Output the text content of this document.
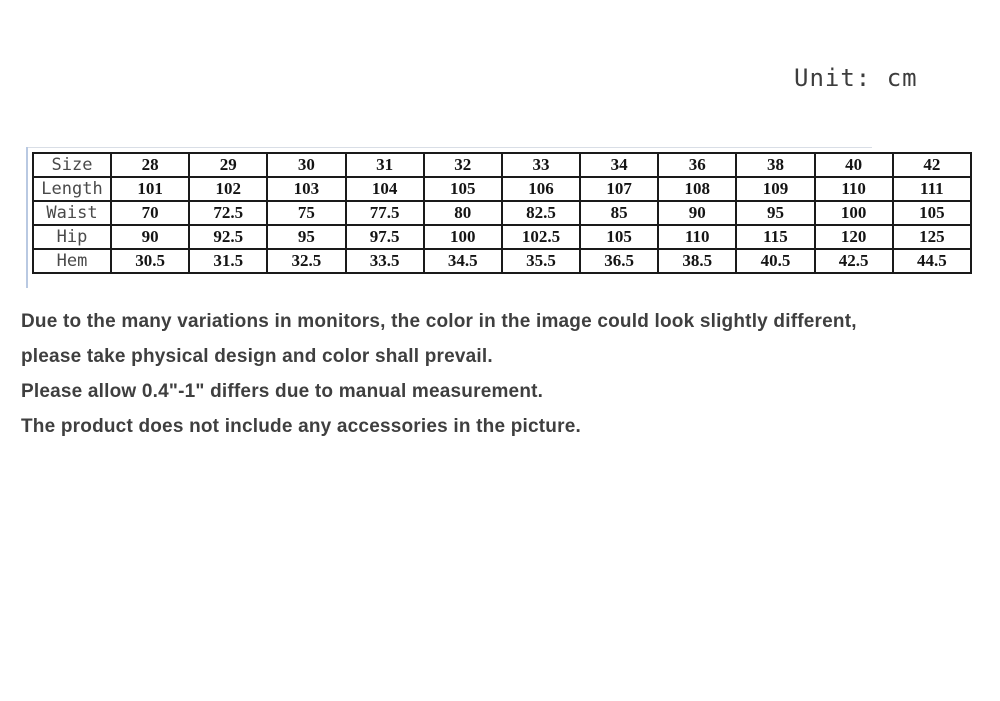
Unit: cm
Size	28	29	30	31	32	33	34	36	38	40	42
Length	101	102	103	104	105	106	107	108	109	110	111
Waist	70	72.5	75	77.5	80	82.5	85	90	95	100	105
Hip	90	92.5	95	97.5	100	102.5	105	110	115	120	125
Hem	30.5	31.5	32.5	33.5	34.5	35.5	36.5	38.5	40.5	42.5	44.5

Due to the many variations in monitors, the color in the image could look slightly different,

please take physical design and color shall prevail.

Please allow 0.4"-1" differs due to manual measurement.

The product does not include any accessories in the picture.
